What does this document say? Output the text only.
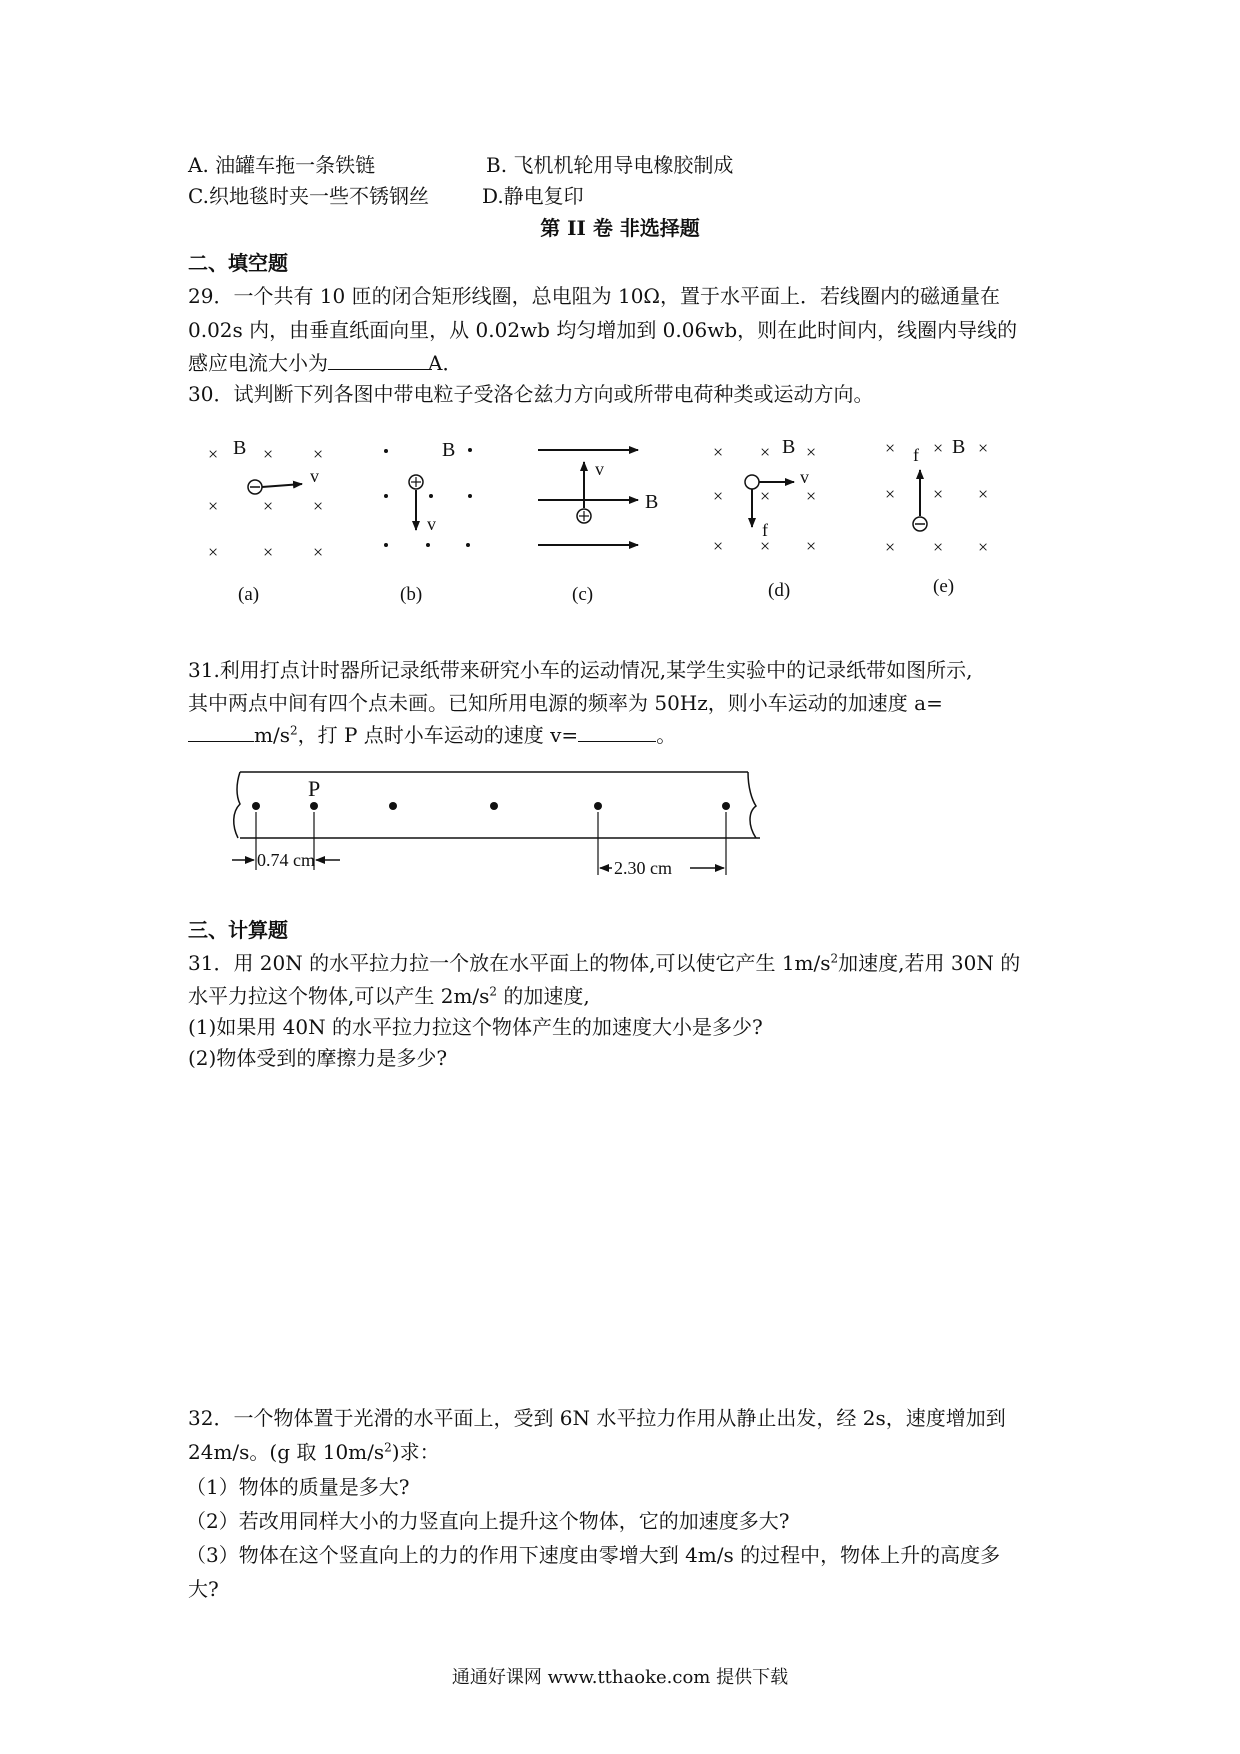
A. 油罐车拖一条铁链	B. 飞机机轮用导电橡胶制成
C.织地毯时夹一些不锈钢丝	D.静电复印
第 II 卷 非选择题
二、填空题
29．一个共有 10 匝的闭合矩形线圈，总电阻为 10Ω，置于水平面上．若线圈内的磁通量在
0.02s 内，由垂直纸面向里，从 0.02wb 均匀增加到 0.06wb，则在此时间内，线圈内导线的
感应电流大小为	A．
30．试判断下列各图中带电粒子受洛仑兹力方向或所带电荷种类或运动方向。
× × ×
× × ×
× × ×
B
v
(a)
B
v
(b)
B
v
(c)
× × ×
× × ×
× × ×
B
v
f
(d)
× × ×
× × ×
× × ×
B
f
(e)
P
0.74 cm	2.30 cm
31.利用打点计时器所记录纸带来研究小车的运动情况,某学生实验中的记录纸带如图所示,
其中两点中间有四个点未画。已知所用电源的频率为 50Hz，则小车运动的加速度 a=
$m/s^2$，打 P 点时小车运动的速度 v=	。
三、计算题
31．用 20N 的水平拉力拉一个放在水平面上的物体,可以使它产生 $1m/s^2$加速度,若用 30N 的
水平力拉这个物体,可以产生 $2m/s^2$ 的加速度,
(1)如果用 40N 的水平拉力拉这个物体产生的加速度大小是多少?
(2)物体受到的摩擦力是多少?
32．一个物体置于光滑的水平面上，受到 6N 水平拉力作用从静止出发，经 2s，速度增加到
24m/s。(g 取 $10m/s^2$)求：
（1）物体的质量是多大?
（2）若改用同样大小的力竖直向上提升这个物体，它的加速度多大?
（3）物体在这个竖直向上的力的作用下速度由零增大到 4m/s 的过程中，物体上升的高度多
大?
通通好课网 www.tthaoke.com 提供下载
